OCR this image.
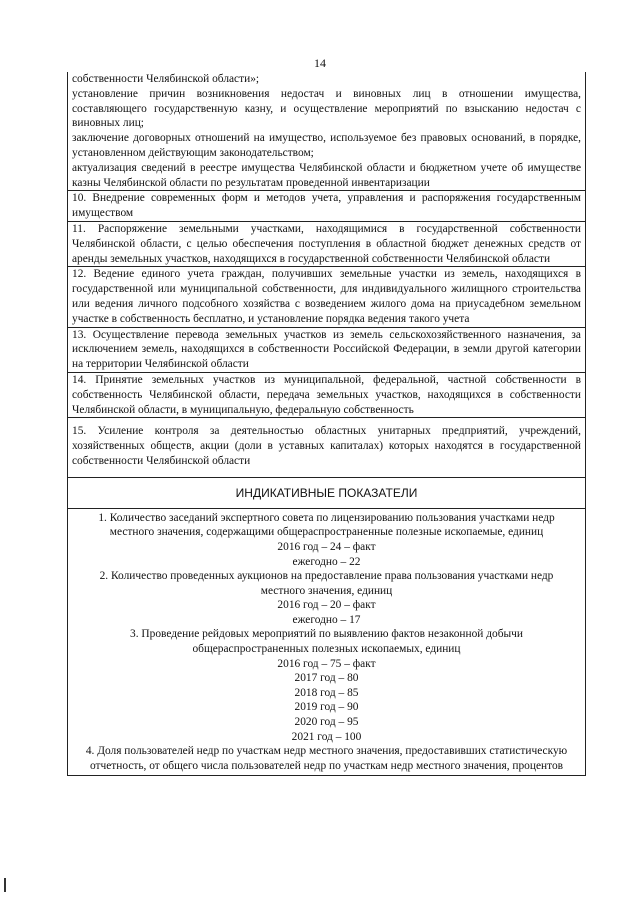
14

собственности Челябинской области»;

установление причин возникновения недостач и виновных лиц в отношении имущества, составляющего государственную казну, и осуществление мероприятий по взысканию недостач с виновных лиц;

заключение договорных отношений на имущество, используемое без правовых оснований, в порядке, установленном действующим законодательством;

актуализация сведений в реестре имущества Челябинской области и бюджетном учете об имуществе казны Челябинской области по результатам проведенной инвентаризации

10. Внедрение современных форм и методов учета, управления и распоряжения государственным имуществом
11. Распоряжение земельными участками, находящимися в государственной собственности Челябинской области, с целью обеспечения поступления в областной бюджет денежных средств от аренды земельных участков, находящихся в государственной собственности Челябинской области
12. Ведение единого учета граждан, получивших земельные участки из земель, находящихся в государственной или муниципальной собственности, для индивидуального жилищного строительства или ведения личного подсобного хозяйства с возведением жилого дома на приусадебном земельном участке в собственность бесплатно, и установление порядка ведения такого учета
13. Осуществление перевода земельных участков из земель сельскохозяйственного назначения, за исключением земель, находящихся в собственности Российской Федерации, в земли другой категории на территории Челябинской области
14. Принятие земельных участков из муниципальной, федеральной, частной собственности в собственность Челябинской области, передача земельных участков, находящихся в собственности Челябинской области, в муниципальную, федеральную собственность
15. Усиление контроля за деятельностью областных унитарных предприятий, учреждений, хозяйственных обществ, акции (доли в уставных капиталах) которых находятся в государственной собственности Челябинской области
ИНДИКАТИВНЫЕ ПОКАЗАТЕЛИ

1. Количество заседаний экспертного совета по лицензированию пользования участками недр местного значения, содержащими общераспространенные полезные ископаемые, единиц

2016 год – 24 – факт

ежегодно – 22

2. Количество проведенных аукционов на предоставление права пользования участками недр местного значения, единиц

2016 год – 20 – факт

ежегодно – 17

3. Проведение рейдовых мероприятий по выявлению фактов незаконной добычи общераспространенных полезных ископаемых, единиц

2016 год – 75 – факт

2017 год – 80

2018 год – 85

2019 год – 90

2020 год – 95

2021 год – 100

4. Доля пользователей недр по участкам недр местного значения, предоставивших статистическую отчетность, от общего числа пользователей недр по участкам недр местного значения, процентов
